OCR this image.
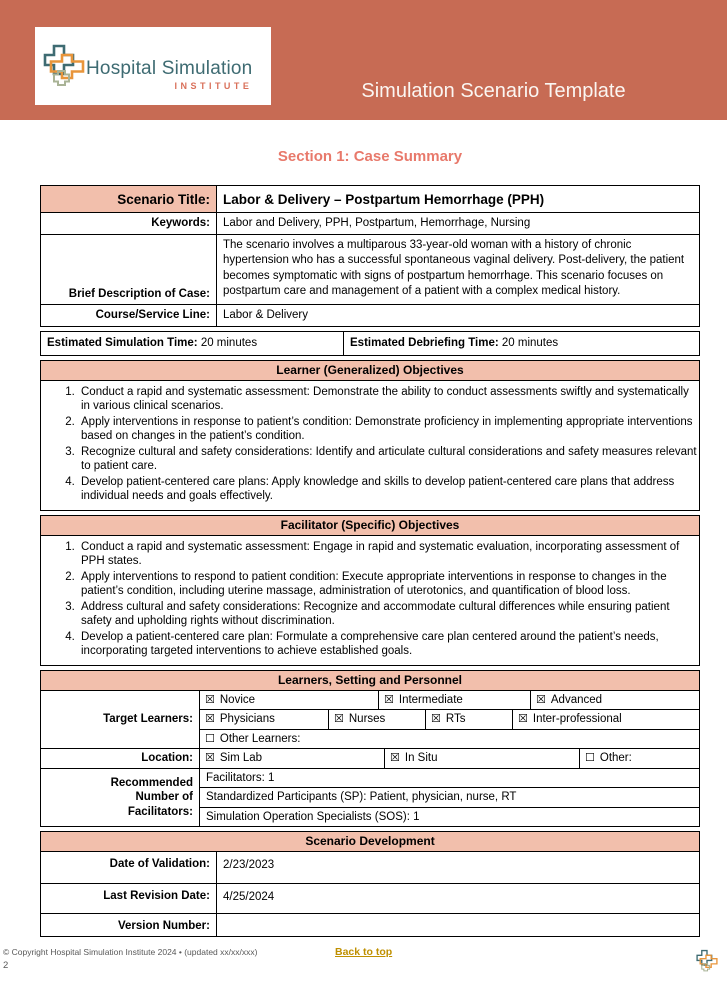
Hospital Simulation
INSTITUTE	Simulation Scenario Template
Section 1: Case Summary
Scenario Title: Labor & Delivery – Postpartum Hemorrhage (PPH)
Keywords:	Labor and Delivery, PPH, Postpartum, Hemorrhage, Nursing
Brief Description of Case:
The scenario involves a multiparous 33-year-old woman with a history of chronic hypertension who has a successful spontaneous vaginal delivery. Post-delivery, the patient becomes symptomatic with signs of postpartum hemorrhage. This scenario focuses on postpartum care and management of a patient with a complex medical history.
Course/Service Line:	Labor & Delivery
Estimated Simulation Time: 20 minutes	Estimated Debriefing Time: 20 minutes
Learner (Generalized) Objectives
1. Conduct a rapid and systematic assessment: Demonstrate the ability to conduct assessments swiftly and systematically in various clinical scenarios.
2. Apply interventions in response to patient’s condition: Demonstrate proficiency in implementing appropriate interventions based on changes in the patient’s condition.
3. Recognize cultural and safety considerations: Identify and articulate cultural considerations and safety measures relevant to patient care.
4. Develop patient-centered care plans: Apply knowledge and skills to develop patient-centered care plans that address individual needs and goals effectively.
Facilitator (Specific) Objectives
1. Conduct a rapid and systematic assessment: Engage in rapid and systematic evaluation, incorporating assessment of PPH states.
2. Apply interventions to respond to patient condition: Execute appropriate interventions in response to changes in the patient’s condition, including uterine massage, administration of uterotonics, and quantification of blood loss.
3. Address cultural and safety considerations: Recognize and accommodate cultural differences while ensuring patient safety and upholding rights without discrimination.
4. Develop a patient-centered care plan: Formulate a comprehensive care plan centered around the patient’s needs, incorporating targeted interventions to achieve established goals.
Learners, Setting and Personnel
Target Learners:
☒ Novice	☒ Intermediate	☒ Advanced
☒ Physicians	☒ Nurses	☒ RTs	☒ Inter-professional
☐ Other Learners:
Location:	☒ Sim Lab	☒ In Situ	☐ Other:
Recommended Number of Facilitators:
Facilitators: 1
Standardized Participants (SP): Patient, physician, nurse, RT
Simulation Operation Specialists (SOS): 1
Scenario Development
Date of Validation:	2/23/2023
Last Revision Date:	4/25/2024
Version Number:
© Copyright Hospital Simulation Institute 2024 • (updated xx/xx/xxx)
2
Back to top
